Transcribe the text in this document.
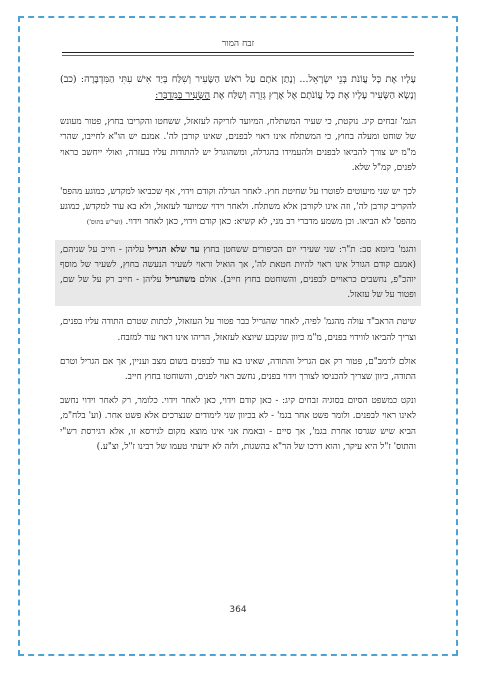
זבח המור
עָלָיו אֶת כָּל עֲוֹנֹת בְּנֵי יִשְׂרָאֵל... וְנָתַן אֹתָם עַל רֹאשׁ הַשָּׂעִיר וְשִׁלַּח בְּיַד אִישׁ עִתִּי הַמִּדְבָּרָה: (כב) וְנָשָׂא הַשָּׂעִיר עָלָיו אֶת כָּל עֲוֹנֹתָם אֶל אֶרֶץ גְּזֵרָה וְשִׁלַּח אֶת הַשָּׂעִיר בַּמִּדְבָּר:

הגמ' זבחים קיג. נוקטת, כי שעיר המשתלח, המיועד לזריקה לעזאזל, ששחטו והקריבו בחוץ, פטור מעונש של שוחט ומעלה בחוץ, כי המשתלח אינו ראוי לבפנים, שאינו קורבן לה'. אמנם יש הו"א לחייבו, שהרי מ"מ יש צורך להביאו לבפנים ולהעמידו בהגרלה, ומשהוגרל יש להתודות עליו בעזרה, ואולי ייחשב כראוי לפנים, קמ"ל שלא.

לכך יש שני מיעוטים לפוטרו על שחיטת חוץ. לאחר הגרלה וקודם וידוי, אף שכביאו למקדש, כמוגע מהפס' להקריב קורבן לה', וזה אינו לקורבן אלא משתלח. ולאחר וידוי שמיועד לעזאזל, ולא בא עוד למקדש, כמוגע מהפס' לא הביאו. וכן משמע מדברי רב מני, לא קשיא: כאן קודם וידוי, כאן לאחר וידוי. (ועי"ש בתוס')

והגמ' ביומא סב: ת"ר: שני שעירי יום הכיפורים ששחטן בחוץ עד שלא הגריל עליהן - חייב על שניהם, (אמנם קודם הגורל אינו ראוי להיות חטאת לה', אך הואיל וראוי לשעיר הנעשה בחוץ, לשעיר של מוסף יוהכ"פ, נחשבים כראויים לבפנים, והשוחטם בחוץ חייב). אולם משהגריל עליהן - חייב רק על של שם, ופטור על של עזאזל.

שיטת הראב"ד עולה מהגמ' לפיה, לאחר שהגריל כבר פטור על העזאזל, לכתות שטרם התודה עליו בפנים, וצריך להביאו לווידוי בפנים, מ"מ כיוון שנקבע שיוצא לעזאזל, הריהו אינו ראוי עוד למזבח.

אולם לרמב"ם, פטור רק אם הגריל והתודה, שאינו בא עוד לבפנים בשום מצב ועניין, אך אם הגריל וטרם התודה, כיוון שצריך להכניסו לצורך וידוי בפנים, נחשב ראוי לפנים, והשוחטו בחוץ חייב.

ונקט כמשפט הסיום בסוגיה זבחים קיג: - כאן קודם וידוי, כאן לאחר וידוי. כלומר, רק לאחר וידוי נחשב לאינו ראוי לבפנים. ולומר פשט אחר בגמ' - לא בכיוון שני לימודים שנצרכים אלא פשט אחר. (וע' בלח"מ, הביא שיש שגרסו אחרת בגמ', אך סיים - ובאמת אני אינו מוצא מקום לגירסא זו, אלא דגירסת רש"י והתוס' ז"ל היא עיקר, והוא דרכו של הר"א בהשגות, ולזה לא ידעתי טעמו של רבינו ז"ל, וצ"ע.)

364
